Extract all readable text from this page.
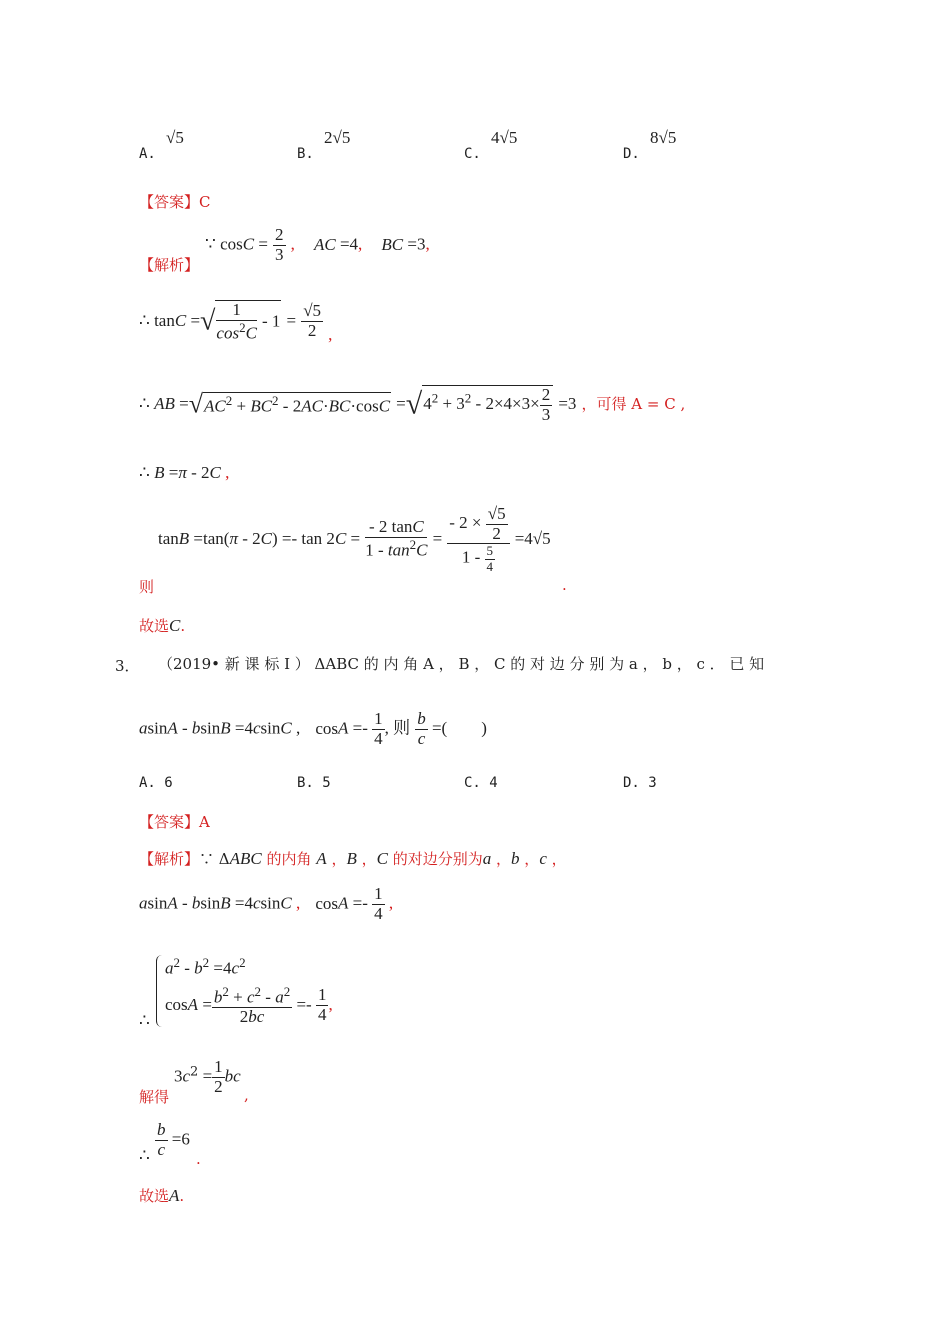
A.
√5
B.
2√5
C.
4√5
D.
8√5
【答案】C
【解析】
∵ $\cos C = \frac{2}{3}$ , AC =4, BC =3,
∴ tanC =√ $\frac{1}{\cos^2C} - 1 = \frac{√5}{2}$ ,
∴ AB $=√AC^2 + BC^2 - 2AC\cdot BC\cdot\cos C =√4^2 + 3^2 - 2\times 4\times 3\times \frac{2}{3} =3$ ，可得 A = C ,
∴ B =π - 2C ,
$\tan B =\tan(\pi - 2C) =- \tan 2C = \frac{- 2 \tan C}{1 - \tan^2C} = \frac{- 2 \times \frac{√5}{2}}{1 - \frac{5}{4}} =4√5$
则	.
故选C.
3． （2019• 新 课 标 I ） ΔABC 的 内 角 A ， B ， C 的 对 边 分 别 为 a ， b ， c ． 已 知
asinA - bsinB =4csinC , $\cos A =- \frac{1}{4}$ , 则 $\frac{b}{c}$ =(        )
A. 6	B. 5	C. 4	D. 3
【答案】A
【解析】∵ ΔABC 的内角 A ，B ，C 的对边分别为a ，b ，c ，
asinA - bsinB =4csinC , $\cos A =- \frac{1}{4}$ ,
∴
$a^2 - b^2 =4c^2$
$\cos A = \frac{b^2 + c^2 - a^2}{2bc} =- \frac{1}{4}$ ,
解得
$3c^2 = \frac{1}{2}$ bc
,
∴ $\frac{b}{c} =6$
.
故选A.
